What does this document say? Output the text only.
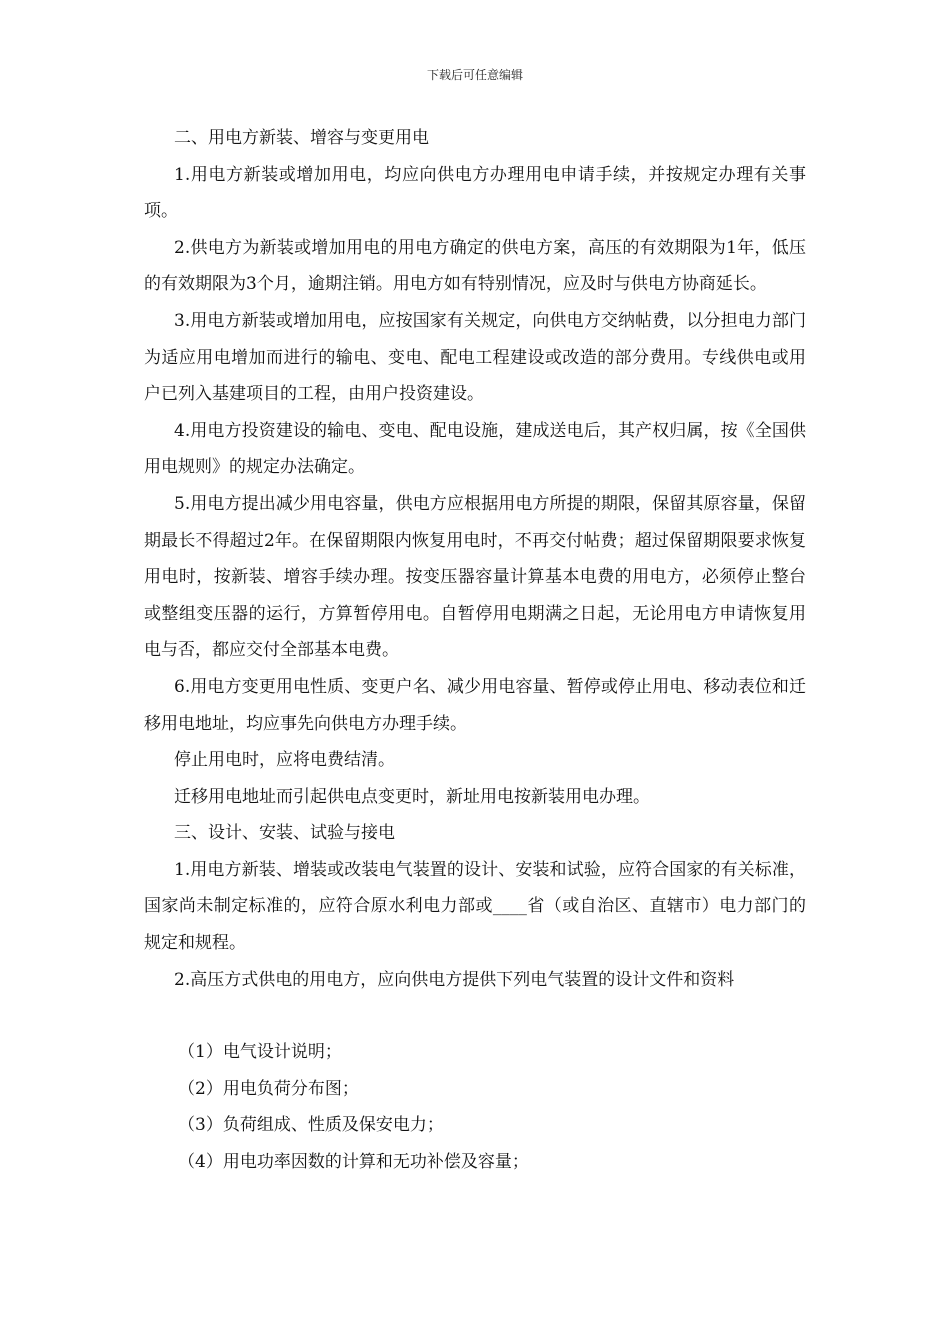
下载后可任意编辑

二、用电方新装、增容与变更用电

1.用电方新装或增加用电，均应向供电方办理用电申请手续，并按规定办理有关事项。

2.供电方为新装或增加用电的用电方确定的供电方案，高压的有效期限为1年，低压的有效期限为3个月，逾期注销。用电方如有特别情况，应及时与供电方协商延长。

3.用电方新装或增加用电，应按国家有关规定，向供电方交纳帖费，以分担电力部门为适应用电增加而进行的输电、变电、配电工程建设或改造的部分费用。专线供电或用户已列入基建项目的工程，由用户投资建设。

4.用电方投资建设的输电、变电、配电设施，建成送电后，其产权归属，按《全国供用电规则》的规定办法确定。

5.用电方提出减少用电容量，供电方应根据用电方所提的期限，保留其原容量，保留期最长不得超过2年。在保留期限内恢复用电时，不再交付帖费；超过保留期限要求恢复用电时，按新装、增容手续办理。按变压器容量计算基本电费的用电方，必须停止整台或整组变压器的运行，方算暂停用电。自暂停用电期满之日起，无论用电方申请恢复用电与否，都应交付全部基本电费。

6.用电方变更用电性质、变更户名、减少用电容量、暂停或停止用电、移动表位和迁移用电地址，均应事先向供电方办理手续。

停止用电时，应将电费结清。

迁移用电地址而引起供电点变更时，新址用电按新装用电办理。

三、设计、安装、试验与接电

1.用电方新装、增装或改装电气装置的设计、安装和试验，应符合国家的有关标准，国家尚未制定标准的，应符合原水利电力部或____省（或自治区、直辖市）电力部门的规定和规程。

2.高压方式供电的用电方，应向供电方提供下列电气装置的设计文件和资料

（1）电气设计说明；

（2）用电负荷分布图；

（3）负荷组成、性质及保安电力；

（4）用电功率因数的计算和无功补偿及容量；
